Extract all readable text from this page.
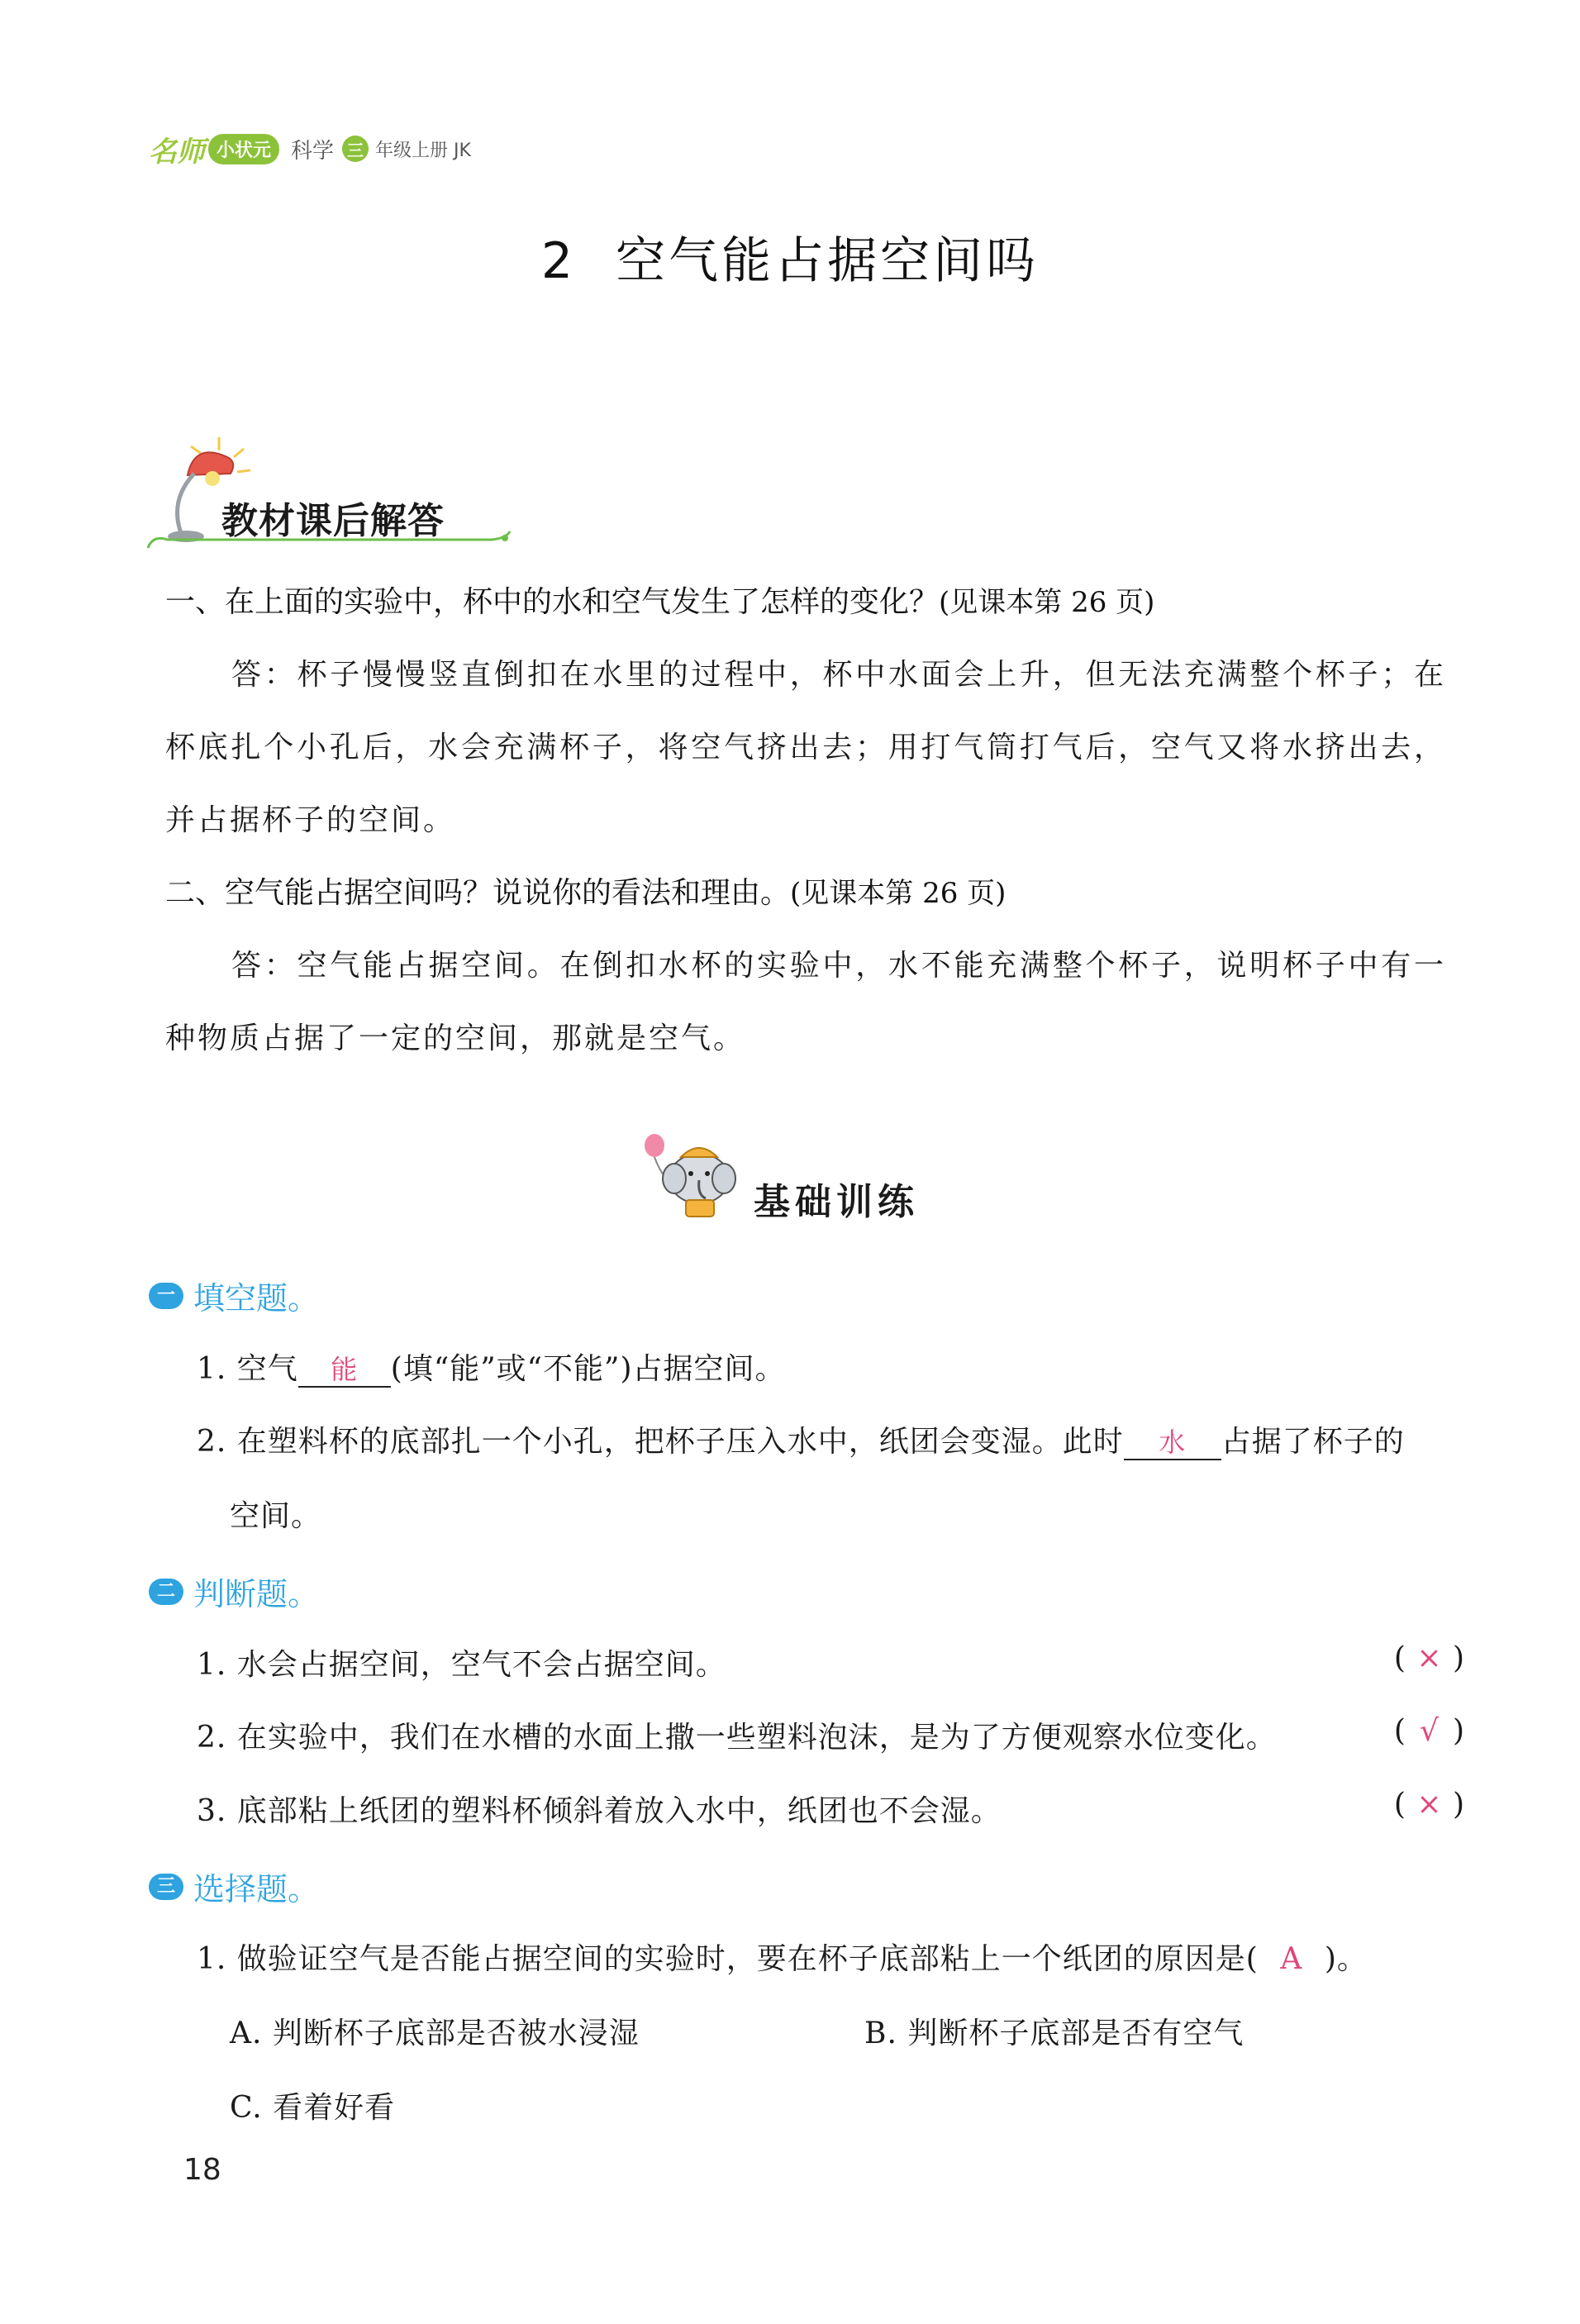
名师 小状元 科学 三 年级上册 JK
2 空气能占据空间吗
教材课后解答
一、在上面的实验中，杯中的水和空气发生了怎样的变化？(见课本第 26 页)
答：杯子慢慢竖直倒扣在水里的过程中，杯中水面会上升，但无法充满整个杯子；在杯底扎个小孔后，水会充满杯子，将空气挤出去；用打气筒打气后，空气又将水挤出去，并占据杯子的空间。
二、空气能占据空间吗？说说你的看法和理由。(见课本第 26 页)
答：空气能占据空间。在倒扣水杯的实验中，水不能充满整个杯子，说明杯子中有一种物质占据了一定的空间，那就是空气。
基础训练
一 填空题。
1. 空气 能 (填“能”或“不能”)占据空间。
2. 在塑料杯的底部扎一个小孔，把杯子压入水中，纸团会变湿。此时 水 占据了杯子的
空间。
二 判断题。
1. 水会占据空间，空气不会占据空间。	( × )
2. 在实验中，我们在水槽的水面上撒一些塑料泡沫，是为了方便观察水位变化。	( √ )
3. 底部粘上纸团的塑料杯倾斜着放入水中，纸团也不会湿。	( × )
三 选择题。
1. 做验证空气是否能占据空间的实验时，要在杯子底部粘上一个纸团的原因是( A )。
A. 判断杯子底部是否被水浸湿	B. 判断杯子底部是否有空气
C. 看着好看
18
